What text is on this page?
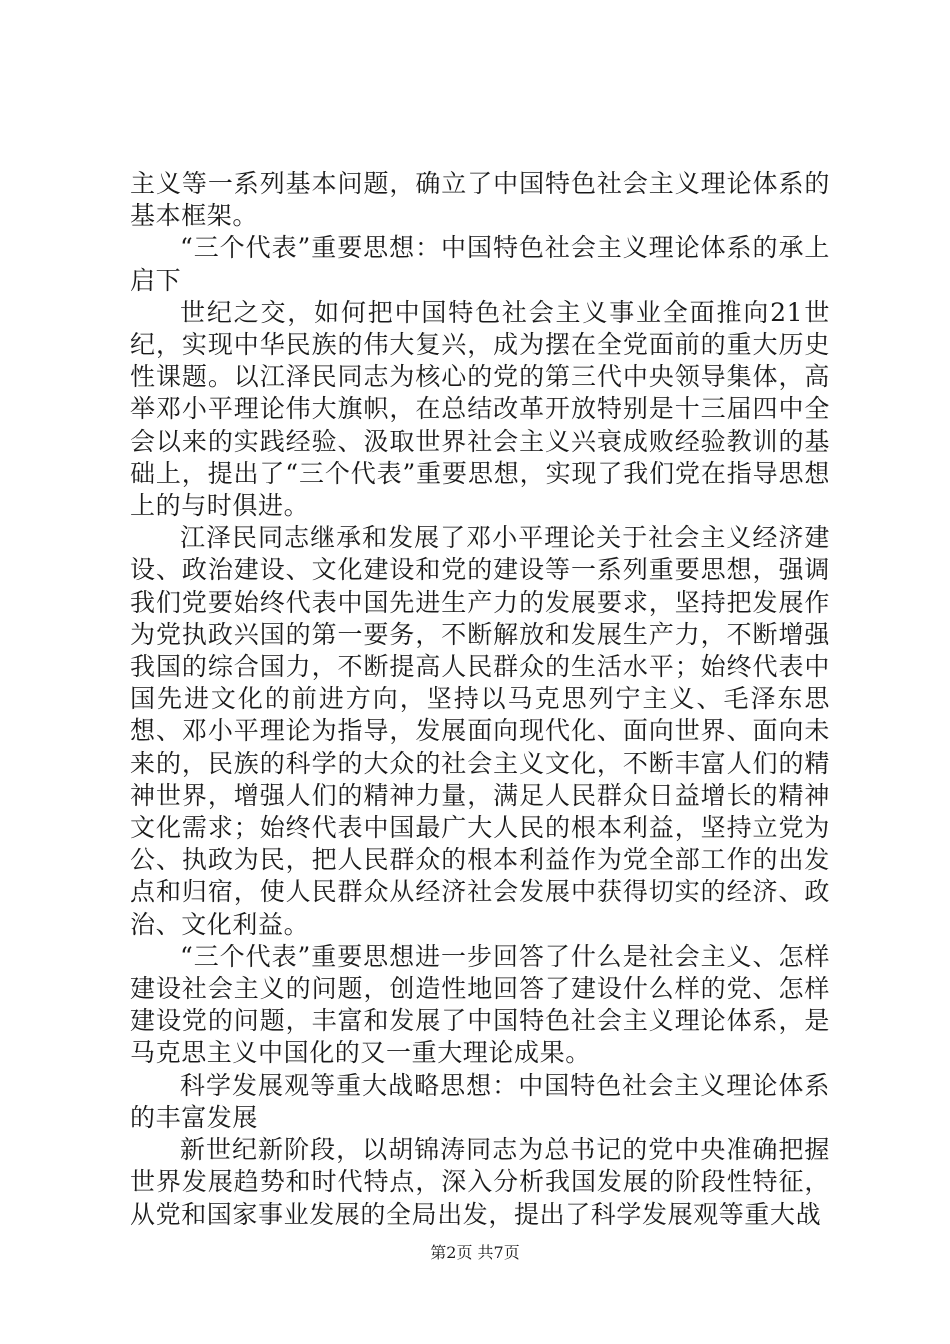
主义等一系列基本问题，确立了中国特色社会主义理论体系的基本框架。

“三个代表”重要思想：中国特色社会主义理论体系的承上启下

世纪之交，如何把中国特色社会主义事业全面推向21世纪，实现中华民族的伟大复兴，成为摆在全党面前的重大历史性课题。以江泽民同志为核心的党的第三代中央领导集体，高举邓小平理论伟大旗帜，在总结改革开放特别是十三届四中全会以来的实践经验、汲取世界社会主义兴衰成败经验教训的基础上，提出了“三个代表”重要思想，实现了我们党在指导思想上的与时俱进。

江泽民同志继承和发展了邓小平理论关于社会主义经济建设、政治建设、文化建设和党的建设等一系列重要思想，强调我们党要始终代表中国先进生产力的发展要求，坚持把发展作为党执政兴国的第一要务，不断解放和发展生产力，不断增强我国的综合国力，不断提高人民群众的生活水平；始终代表中国先进文化的前进方向，坚持以马克思列宁主义、毛泽东思想、邓小平理论为指导，发展面向现代化、面向世界、面向未来的，民族的科学的大众的社会主义文化，不断丰富人们的精神世界，增强人们的精神力量，满足人民群众日益增长的精神文化需求；始终代表中国最广大人民的根本利益，坚持立党为公、执政为民，把人民群众的根本利益作为党全部工作的出发点和归宿，使人民群众从经济社会发展中获得切实的经济、政治、文化利益。

“三个代表”重要思想进一步回答了什么是社会主义、怎样建设社会主义的问题，创造性地回答了建设什么样的党、怎样建设党的问题，丰富和发展了中国特色社会主义理论体系，是马克思主义中国化的又一重大理论成果。

科学发展观等重大战略思想：中国特色社会主义理论体系的丰富发展

新世纪新阶段，以胡锦涛同志为总书记的党中央准确把握世界发展趋势和时代特点，深入分析我国发展的阶段性特征，从党和国家事业发展的全局出发，提出了科学发展观等重大战

第2页 共7页
